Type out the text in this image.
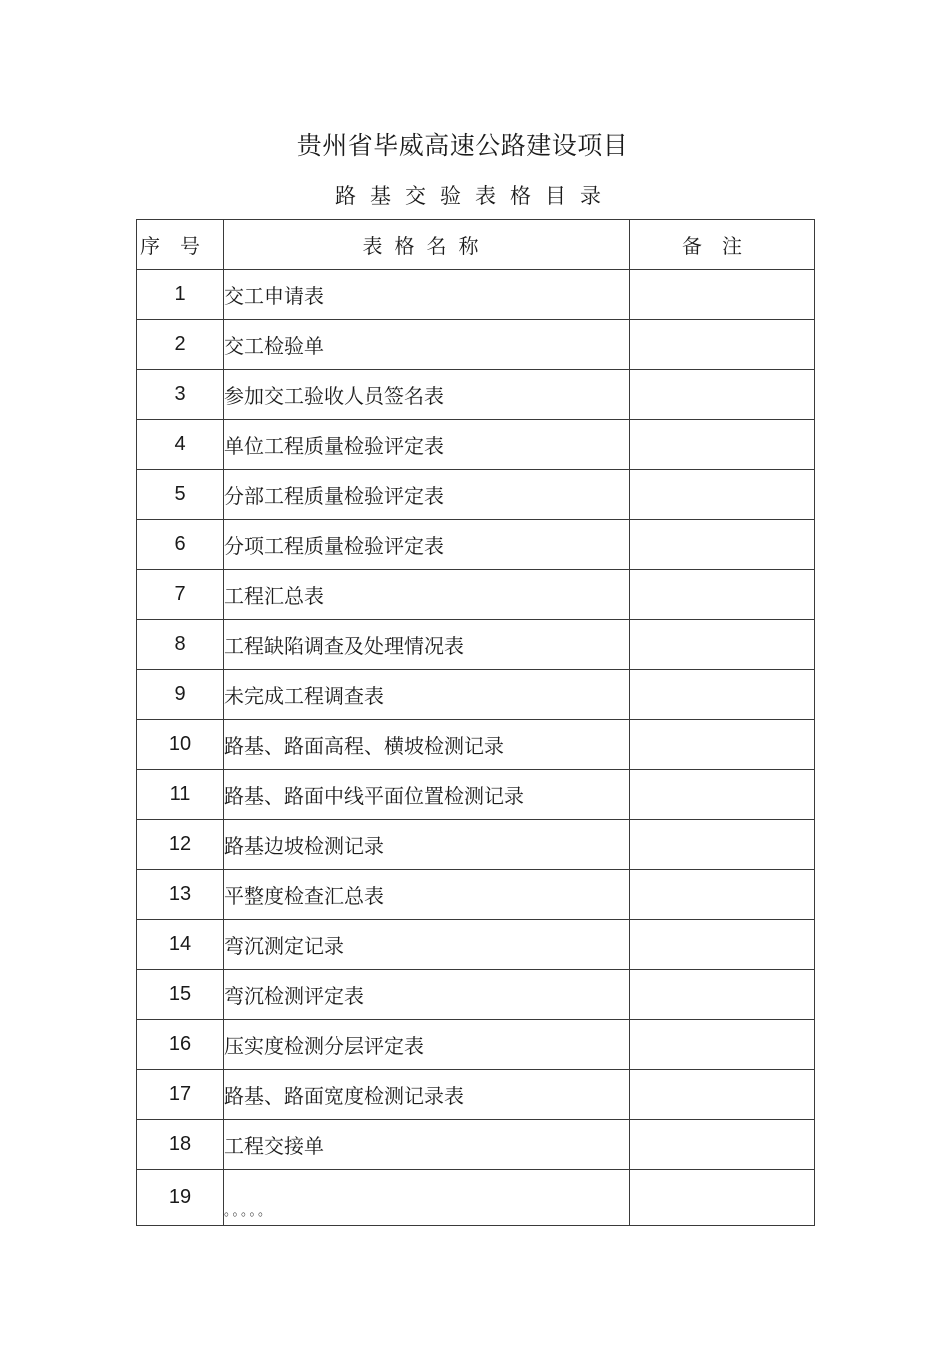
贵州省毕威高速公路建设项目
路基交验表格目录
序号	表格名称	备注
1	交工申请表	
2	交工检验单	
3	参加交工验收人员签名表	
4	单位工程质量检验评定表	
5	分部工程质量检验评定表	
6	分项工程质量检验评定表	
7	工程汇总表	
8	工程缺陷调查及处理情况表	
9	未完成工程调查表	
10	路基、路面高程、横坡检测记录	
11	路基、路面中线平面位置检测记录	
12	路基边坡检测记录	
13	平整度检查汇总表	
14	弯沉测定记录	
15	弯沉检测评定表	
16	压实度检测分层评定表	
17	路基、路面宽度检测记录表	
18	工程交接单	
19	。。。。。	
